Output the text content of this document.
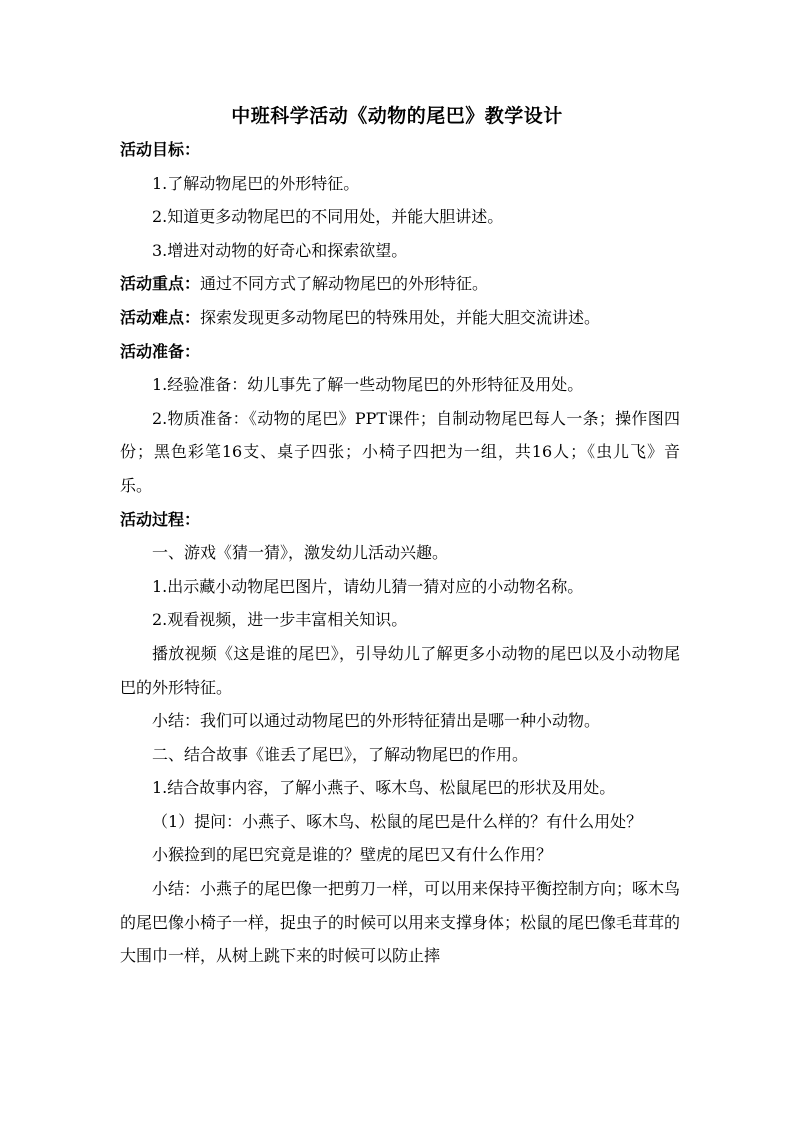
中班科学活动《动物的尾巴》教学设计

活动目标：

1.了解动物尾巴的外形特征。

2.知道更多动物尾巴的不同用处，并能大胆讲述。

3.增进对动物的好奇心和探索欲望。

活动重点：通过不同方式了解动物尾巴的外形特征。

活动难点：探索发现更多动物尾巴的特殊用处，并能大胆交流讲述。

活动准备：

1.经验准备：幼儿事先了解一些动物尾巴的外形特征及用处。

2.物质准备：《动物的尾巴》PPT课件；自制动物尾巴每人一条；操作图四份；黑色彩笔16支、桌子四张；小椅子四把为一组，共16人；《虫儿飞》音乐。

活动过程：

一、游戏《猜一猜》，激发幼儿活动兴趣。

1.出示藏小动物尾巴图片，请幼儿猜一猜对应的小动物名称。

2.观看视频，进一步丰富相关知识。

播放视频《这是谁的尾巴》，引导幼儿了解更多小动物的尾巴以及小动物尾巴的外形特征。

小结：我们可以通过动物尾巴的外形特征猜出是哪一种小动物。

二、结合故事《谁丢了尾巴》，了解动物尾巴的作用。

1.结合故事内容，了解小燕子、啄木鸟、松鼠尾巴的形状及用处。

（1）提问：小燕子、啄木鸟、松鼠的尾巴是什么样的？有什么用处？

小猴捡到的尾巴究竟是谁的？壁虎的尾巴又有什么作用？

小结：小燕子的尾巴像一把剪刀一样，可以用来保持平衡控制方向；啄木鸟的尾巴像小椅子一样，捉虫子的时候可以用来支撑身体；松鼠的尾巴像毛茸茸的大围巾一样，从树上跳下来的时候可以防止摔
